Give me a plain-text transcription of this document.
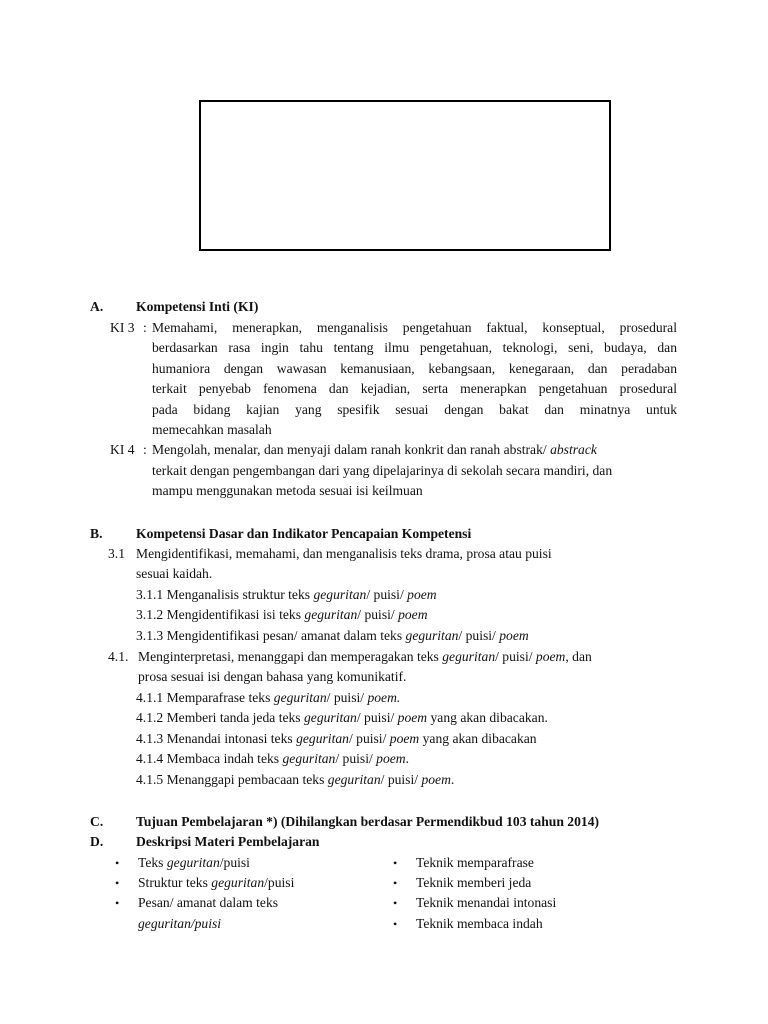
A. Kompetensi Inti (KI)
KI 3 : Memahami, menerapkan, menganalisis pengetahuan faktual, konseptual, prosedural
berdasarkan rasa ingin tahu tentang ilmu pengetahuan, teknologi, seni, budaya, dan
humaniora dengan wawasan kemanusiaan, kebangsaan, kenegaraan, dan peradaban
terkait penyebab fenomena dan kejadian, serta menerapkan pengetahuan prosedural
pada bidang kajian yang spesifik sesuai dengan bakat dan minatnya untuk
memecahkan masalah
KI 4 : Mengolah, menalar, dan menyaji dalam ranah konkrit dan ranah abstrak/ abstrack
terkait dengan pengembangan dari yang dipelajarinya di sekolah secara mandiri, dan
mampu menggunakan metoda sesuai isi keilmuan
B. Kompetensi Dasar dan Indikator Pencapaian Kompetensi
3.1 Mengidentifikasi, memahami, dan menganalisis teks drama, prosa atau puisi
sesuai kaidah.
3.1.1 Menganalisis struktur teks geguritan/ puisi/ poem
3.1.2 Mengidentifikasi isi teks geguritan/ puisi/ poem
3.1.3 Mengidentifikasi pesan/ amanat dalam teks geguritan/ puisi/ poem
4.1. Menginterpretasi, menanggapi dan memperagakan teks geguritan/ puisi/ poem, dan
prosa sesuai isi dengan bahasa yang komunikatif.
4.1.1 Memparafrase teks geguritan/ puisi/ poem.
4.1.2 Memberi tanda jeda teks geguritan/ puisi/ poem yang akan dibacakan.
4.1.3 Menandai intonasi teks geguritan/ puisi/ poem yang akan dibacakan
4.1.4 Membaca indah teks geguritan/ puisi/ poem.
4.1.5 Menanggapi pembacaan teks geguritan/ puisi/ poem.
C. Tujuan Pembelajaran *) (Dihilangkan berdasar Permendikbud 103 tahun 2014)
D. Deskripsi Materi Pembelajaran
• Teks geguritan/puisi
• Struktur teks geguritan/puisi
• Pesan/ amanat dalam teks
geguritan/puisi
• Teknik memparafrase
• Teknik memberi jeda
• Teknik menandai intonasi
• Teknik membaca indah
